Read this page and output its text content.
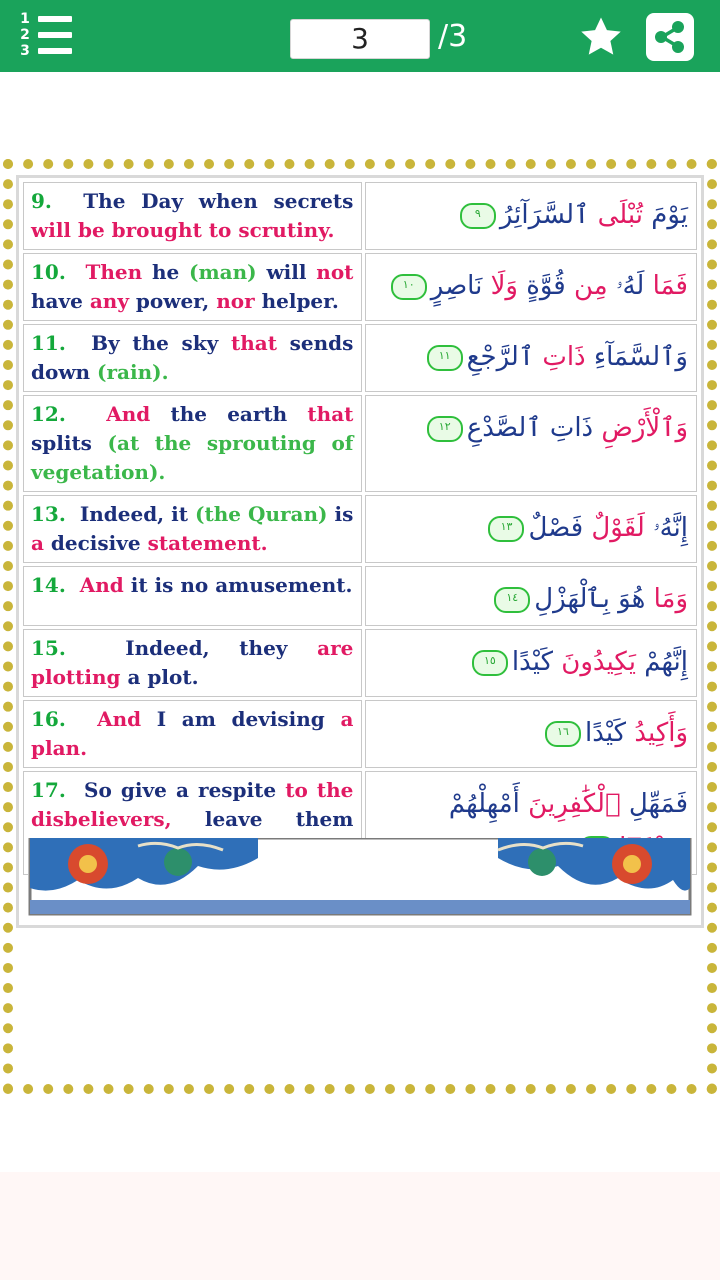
1
2
3	3	/3
9. The Day when secrets will be brought to scrutiny.	يَوْمَ تُبْلَى ٱلسَّرَآئِرُ٩
10. Then he (man) will not have any power, nor helper.	فَمَا لَهُۥ مِن قُوَّةٍ وَلَا نَاصِرٍ١٠
11. By the sky that sends down (rain).	وَٱلسَّمَآءِ ذَاتِ ٱلرَّجْعِ١١
12. And the earth that splits (at the sprouting of vegetation).	وَٱلْأَرْضِ ذَاتِ ٱلصَّدْعِ١٢
13. Indeed, it (the Quran) is a decisive statement.	إِنَّهُۥ لَقَوْلٌ فَصْلٌ١٣
14. And it is no amusement.	وَمَا هُوَ بِٱلْهَزْلِ١٤
15. Indeed, they are plotting a plot.	إِنَّهُمْ يَكِيدُونَ كَيْدًا١٥
16. And I am devising a plan.	وَأَكِيدُ كَيْدًا١٦
17. So give a respite to the disbelievers, leave them	فَمَهِّلِ ٱلْكَٰفِرِينَ أَمْهِلْهُمْ
